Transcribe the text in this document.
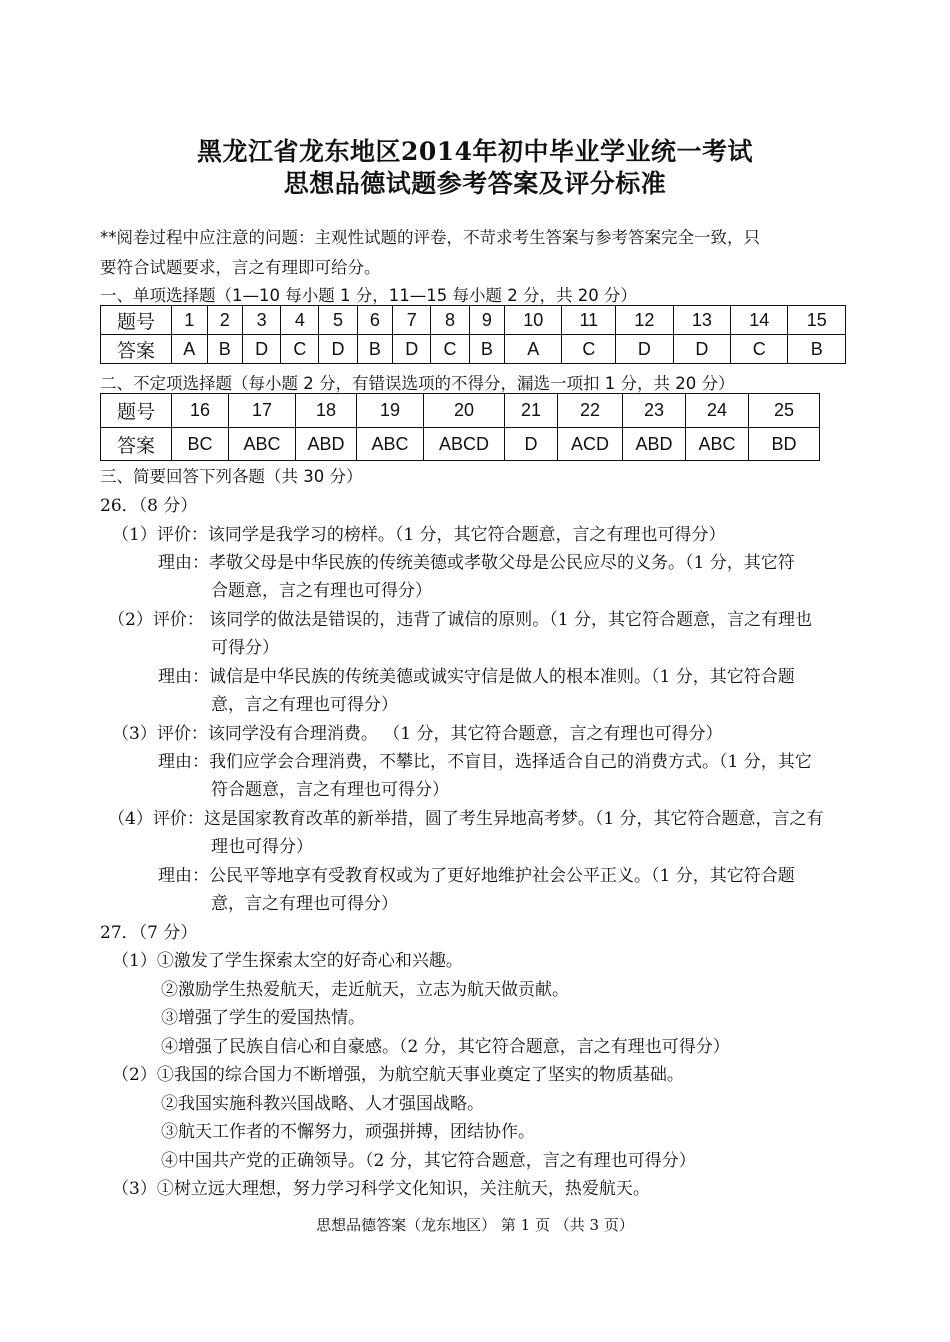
黑龙江省龙东地区2014年初中毕业学业统一考试
思想品德试题参考答案及评分标准
**阅卷过程中应注意的问题：主观性试题的评卷，不苛求考生答案与参考答案完全一致，只
要符合试题要求，言之有理即可给分。
一、单项选择题（1—10 每小题 1 分，11—15 每小题 2 分，共 20 分）
题号	1	2	3	4	5	6	7	8	9	10	11	12	13	14	15
答案	A	B	D	C	D	B	D	C	B	A	C	D	D	C	B
二、不定项选择题（每小题 2 分，有错误选项的不得分，漏选一项扣 1 分，共 20 分）
题号	16	17	18	19	20	21	22	23	24	25
答案	BC	ABC	ABD	ABC	ABCD	D	ACD	ABD	ABC	BD
三、简要回答下列各题（共 30 分）
26．（8 分）
（1）评价：该同学是我学习的榜样。（1 分，其它符合题意，言之有理也可得分）
理由：孝敬父母是中华民族的传统美德或孝敬父母是公民应尽的义务。（1 分，其它符
合题意，言之有理也可得分）
（2）评价： 该同学的做法是错误的，违背了诚信的原则。（1 分，其它符合题意，言之有理也
可得分）
理由：诚信是中华民族的传统美德或诚实守信是做人的根本准则。（1 分，其它符合题
意，言之有理也可得分）
（3）评价：该同学没有合理消费。 （1 分，其它符合题意，言之有理也可得分）
理由：我们应学会合理消费，不攀比，不盲目，选择适合自己的消费方式。（1 分，其它
符合题意，言之有理也可得分）
（4）评价：这是国家教育改革的新举措，圆了考生异地高考梦。（1 分，其它符合题意，言之有
理也可得分）
理由：公民平等地享有受教育权或为了更好地维护社会公平正义。（1 分，其它符合题
意，言之有理也可得分）
27．（7 分）
（1）①激发了学生探索太空的好奇心和兴趣。
②激励学生热爱航天，走近航天，立志为航天做贡献。
③增强了学生的爱国热情。
④增强了民族自信心和自豪感。（2 分，其它符合题意，言之有理也可得分）
（2）①我国的综合国力不断增强，为航空航天事业奠定了坚实的物质基础。
②我国实施科教兴国战略、人才强国战略。
③航天工作者的不懈努力，顽强拼搏，团结协作。
④中国共产党的正确领导。（2 分，其它符合题意，言之有理也可得分）
（3）①树立远大理想，努力学习科学文化知识，关注航天，热爱航天。
思想品德答案（龙东地区） 第 1 页 （共 3 页）
